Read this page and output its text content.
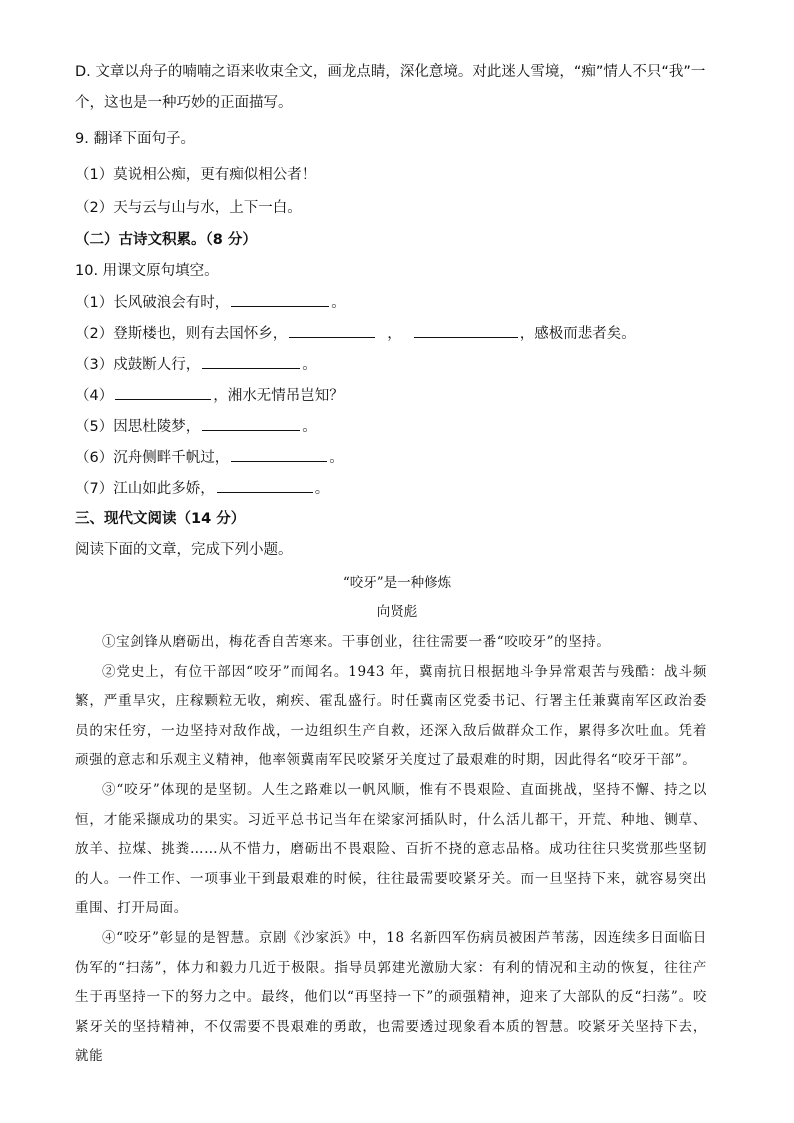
D. 文章以舟子的喃喃之语来收束全文，画龙点睛，深化意境。对此迷人雪境，“痴”情人不只“我”一
个，这也是一种巧妙的正面描写。
9. 翻译下面句子。
（1）莫说相公痴，更有痴似相公者！
（2）天与云与山与水，上下一白。
（二）古诗文积累。（8 分）
10. 用课文原句填空。
（1）长风破浪会有时，	。
（2）登斯楼也，则有去国怀乡，	，	，感极而悲者矣。
（3）戍鼓断人行，	。
（4）	，湘水无情吊岂知？
（5）因思杜陵梦，	。
（6）沉舟侧畔千帆过，	。
（7）江山如此多娇，	。
三、现代文阅读（14 分）
阅读下面的文章，完成下列小题。
“咬牙”是一种修炼
向贤彪

①宝剑锋从磨砺出，梅花香自苦寒来。干事创业，往往需要一番“咬咬牙”的坚持。

②党史上，有位干部因“咬牙”而闻名。1943 年，冀南抗日根据地斗争异常艰苦与残酷：战斗频繁，严重旱灾，庄稼颗粒无收，痢疾、霍乱盛行。时任冀南区党委书记、行署主任兼冀南军区政治委员的宋任穷，一边坚持对敌作战，一边组织生产自救，还深入敌后做群众工作，累得多次吐血。凭着顽强的意志和乐观主义精神，他率领冀南军民咬紧牙关度过了最艰难的时期，因此得名“咬牙干部”。

③“咬牙”体现的是坚韧。人生之路难以一帆风顺，惟有不畏艰险、直面挑战，坚持不懈、持之以恒，才能采撷成功的果实。习近平总书记当年在梁家河插队时，什么活儿都干，开荒、种地、铡草、放羊、拉煤、挑粪……从不惜力，磨砺出不畏艰险、百折不挠的意志品格。成功往往只奖赏那些坚韧的人。一件工作、一项事业干到最艰难的时候，往往最需要咬紧牙关。而一旦坚持下来，就容易突出重围、打开局面。

④“咬牙”彰显的是智慧。京剧《沙家浜》中，18 名新四军伤病员被困芦苇荡，因连续多日面临日伪军的“扫荡”，体力和毅力几近于极限。指导员郭建光激励大家：有利的情况和主动的恢复，往往产生于再坚持一下的努力之中。最终，他们以“再坚持一下”的顽强精神，迎来了大部队的反“扫荡”。咬紧牙关的坚持精神，不仅需要不畏艰难的勇敢，也需要透过现象看本质的智慧。咬紧牙关坚持下去，就能
